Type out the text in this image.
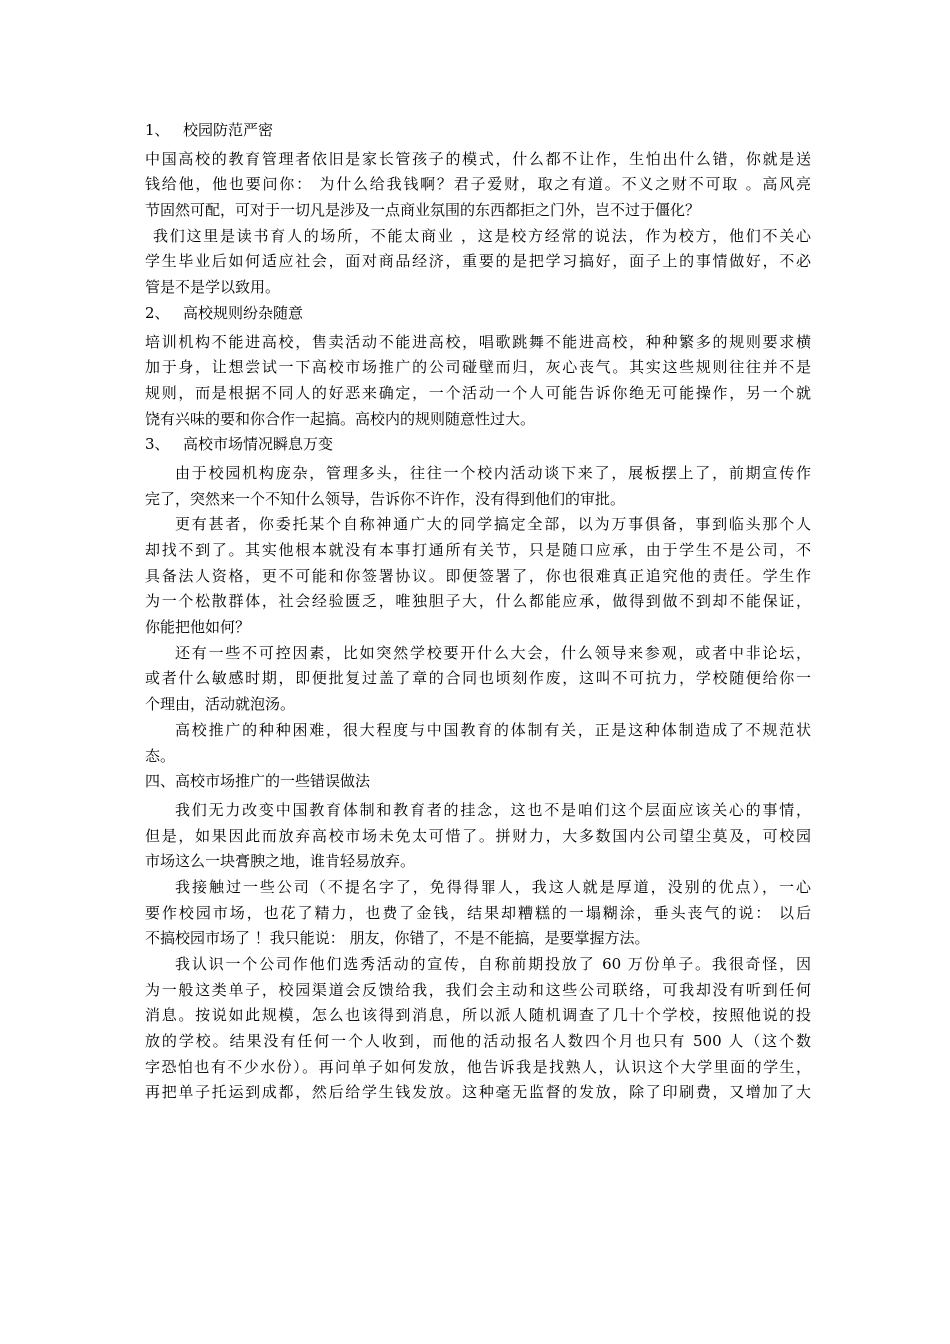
1、 校园防范严密
中国高校的教育管理者依旧是家长管孩子的模式，什么都不让作，生怕出什么错，你就是送
钱给他，他也要问你： 为什么给我钱啊？君子爱财，取之有道。不义之财不可取 。高风亮
节固然可配，可对于一切凡是涉及一点商业氛围的东西都拒之门外，岂不过于僵化？
我们这里是读书育人的场所，不能太商业 ，这是校方经常的说法，作为校方，他们不关心
学生毕业后如何适应社会，面对商品经济，重要的是把学习搞好，面子上的事情做好，不必
管是不是学以致用。
2、 高校规则纷杂随意
培训机构不能进高校，售卖活动不能进高校，唱歌跳舞不能进高校，种种繁多的规则要求横
加于身，让想尝试一下高校市场推广的公司碰壁而归，灰心丧气。其实这些规则往往并不是
规则，而是根据不同人的好恶来确定，一个活动一个人可能告诉你绝无可能操作，另一个就
饶有兴味的要和你合作一起搞。高校内的规则随意性过大。
3、 高校市场情况瞬息万变
由于校园机构庞杂，管理多头，往往一个校内活动谈下来了，展板摆上了，前期宣传作
完了，突然来一个不知什么领导，告诉你不许作，没有得到他们的审批。
更有甚者，你委托某个自称神通广大的同学搞定全部，以为万事俱备，事到临头那个人
却找不到了。其实他根本就没有本事打通所有关节，只是随口应承，由于学生不是公司，不
具备法人资格，更不可能和你签署协议。即便签署了，你也很难真正追究他的责任。学生作
为一个松散群体，社会经验匮乏，唯独胆子大，什么都能应承，做得到做不到却不能保证，
你能把他如何？
还有一些不可控因素，比如突然学校要开什么大会，什么领导来参观，或者中非论坛，
或者什么敏感时期，即便批复过盖了章的合同也顷刻作废，这叫不可抗力，学校随便给你一
个理由，活动就泡汤。
高校推广的种种困难，很大程度与中国教育的体制有关，正是这种体制造成了不规范状
态。
四、高校市场推广的一些错误做法
我们无力改变中国教育体制和教育者的挂念，这也不是咱们这个层面应该关心的事情，
但是，如果因此而放弃高校市场未免太可惜了。拼财力，大多数国内公司望尘莫及，可校园
市场这么一块膏腴之地，谁肯轻易放弃。
我接触过一些公司（不提名字了，免得得罪人，我这人就是厚道，没别的优点），一心
要作校园市场，也花了精力，也费了金钱，结果却糟糕的一塌糊涂，垂头丧气的说： 以后
不搞校园市场了 ！我只能说： 朋友，你错了，不是不能搞，是要掌握方法。
我认识一个公司作他们选秀活动的宣传，自称前期投放了 60 万份单子。我很奇怪，因
为一般这类单子，校园渠道会反馈给我，我们会主动和这些公司联络，可我却没有听到任何
消息。按说如此规模，怎么也该得到消息，所以派人随机调查了几十个学校，按照他说的投
放的学校。结果没有任何一个人收到，而他的活动报名人数四个月也只有 500 人（这个数
字恐怕也有不少水份）。再问单子如何发放，他告诉我是找熟人，认识这个大学里面的学生，
再把单子托运到成都，然后给学生钱发放。这种毫无监督的发放，除了印刷费，又增加了大
